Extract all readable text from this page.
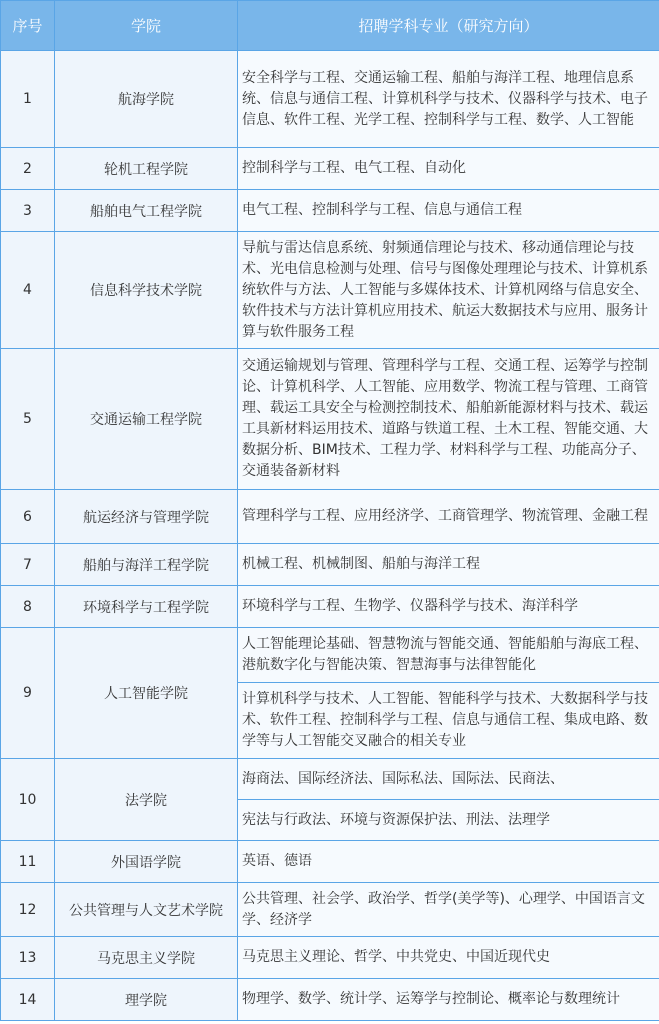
序号	学院	招聘学科专业（研究方向）
1	航海学院	安全科学与工程、交通运输工程、船舶与海洋工程、地理信息系统、信息与通信工程、计算机科学与技术、仪器科学与技术、电子信息、软件工程、光学工程、控制科学与工程、数学、人工智能
2	轮机工程学院	控制科学与工程、电气工程、自动化
3	船舶电气工程学院	电气工程、控制科学与工程、信息与通信工程
4	信息科学技术学院	导航与雷达信息系统、射频通信理论与技术、移动通信理论与技术、光电信息检测与处理、信号与图像处理理论与技术、计算机系统软件与方法、人工智能与多媒体技术、计算机网络与信息安全、软件技术与方法计算机应用技术、航运大数据技术与应用、服务计算与软件服务工程
5	交通运输工程学院	交通运输规划与管理、管理科学与工程、交通工程、运筹学与控制论、计算机科学、人工智能、应用数学、物流工程与管理、工商管理、载运工具安全与检测控制技术、船舶新能源材料与技术、载运工具新材料运用技术、道路与铁道工程、土木工程、智能交通、大数据分析、BIM技术、工程力学、材料科学与工程、功能高分子、交通装备新材料
6	航运经济与管理学院	管理科学与工程、应用经济学、工商管理学、物流管理、金融工程
7	船舶与海洋工程学院	机械工程、机械制图、船舶与海洋工程
8	环境科学与工程学院	环境科学与工程、生物学、仪器科学与技术、海洋科学
9	人工智能学院	人工智能理论基础、智慧物流与智能交通、智能船舶与海底工程、港航数字化与智能决策、智慧海事与法律智能化
		计算机科学与技术、人工智能、智能科学与技术、大数据科学与技术、软件工程、控制科学与工程、信息与通信工程、集成电路、数学等与人工智能交叉融合的相关专业
10	法学院	海商法、国际经济法、国际私法、国际法、民商法、
		宪法与行政法、环境与资源保护法、刑法、法理学
11	外国语学院	英语、德语
12	公共管理与人文艺术学院	公共管理、社会学、政治学、哲学(美学等)、心理学、中国语言文学、经济学
13	马克思主义学院	马克思主义理论、哲学、中共党史、中国近现代史
14	理学院	物理学、数学、统计学、运筹学与控制论、概率论与数理统计
